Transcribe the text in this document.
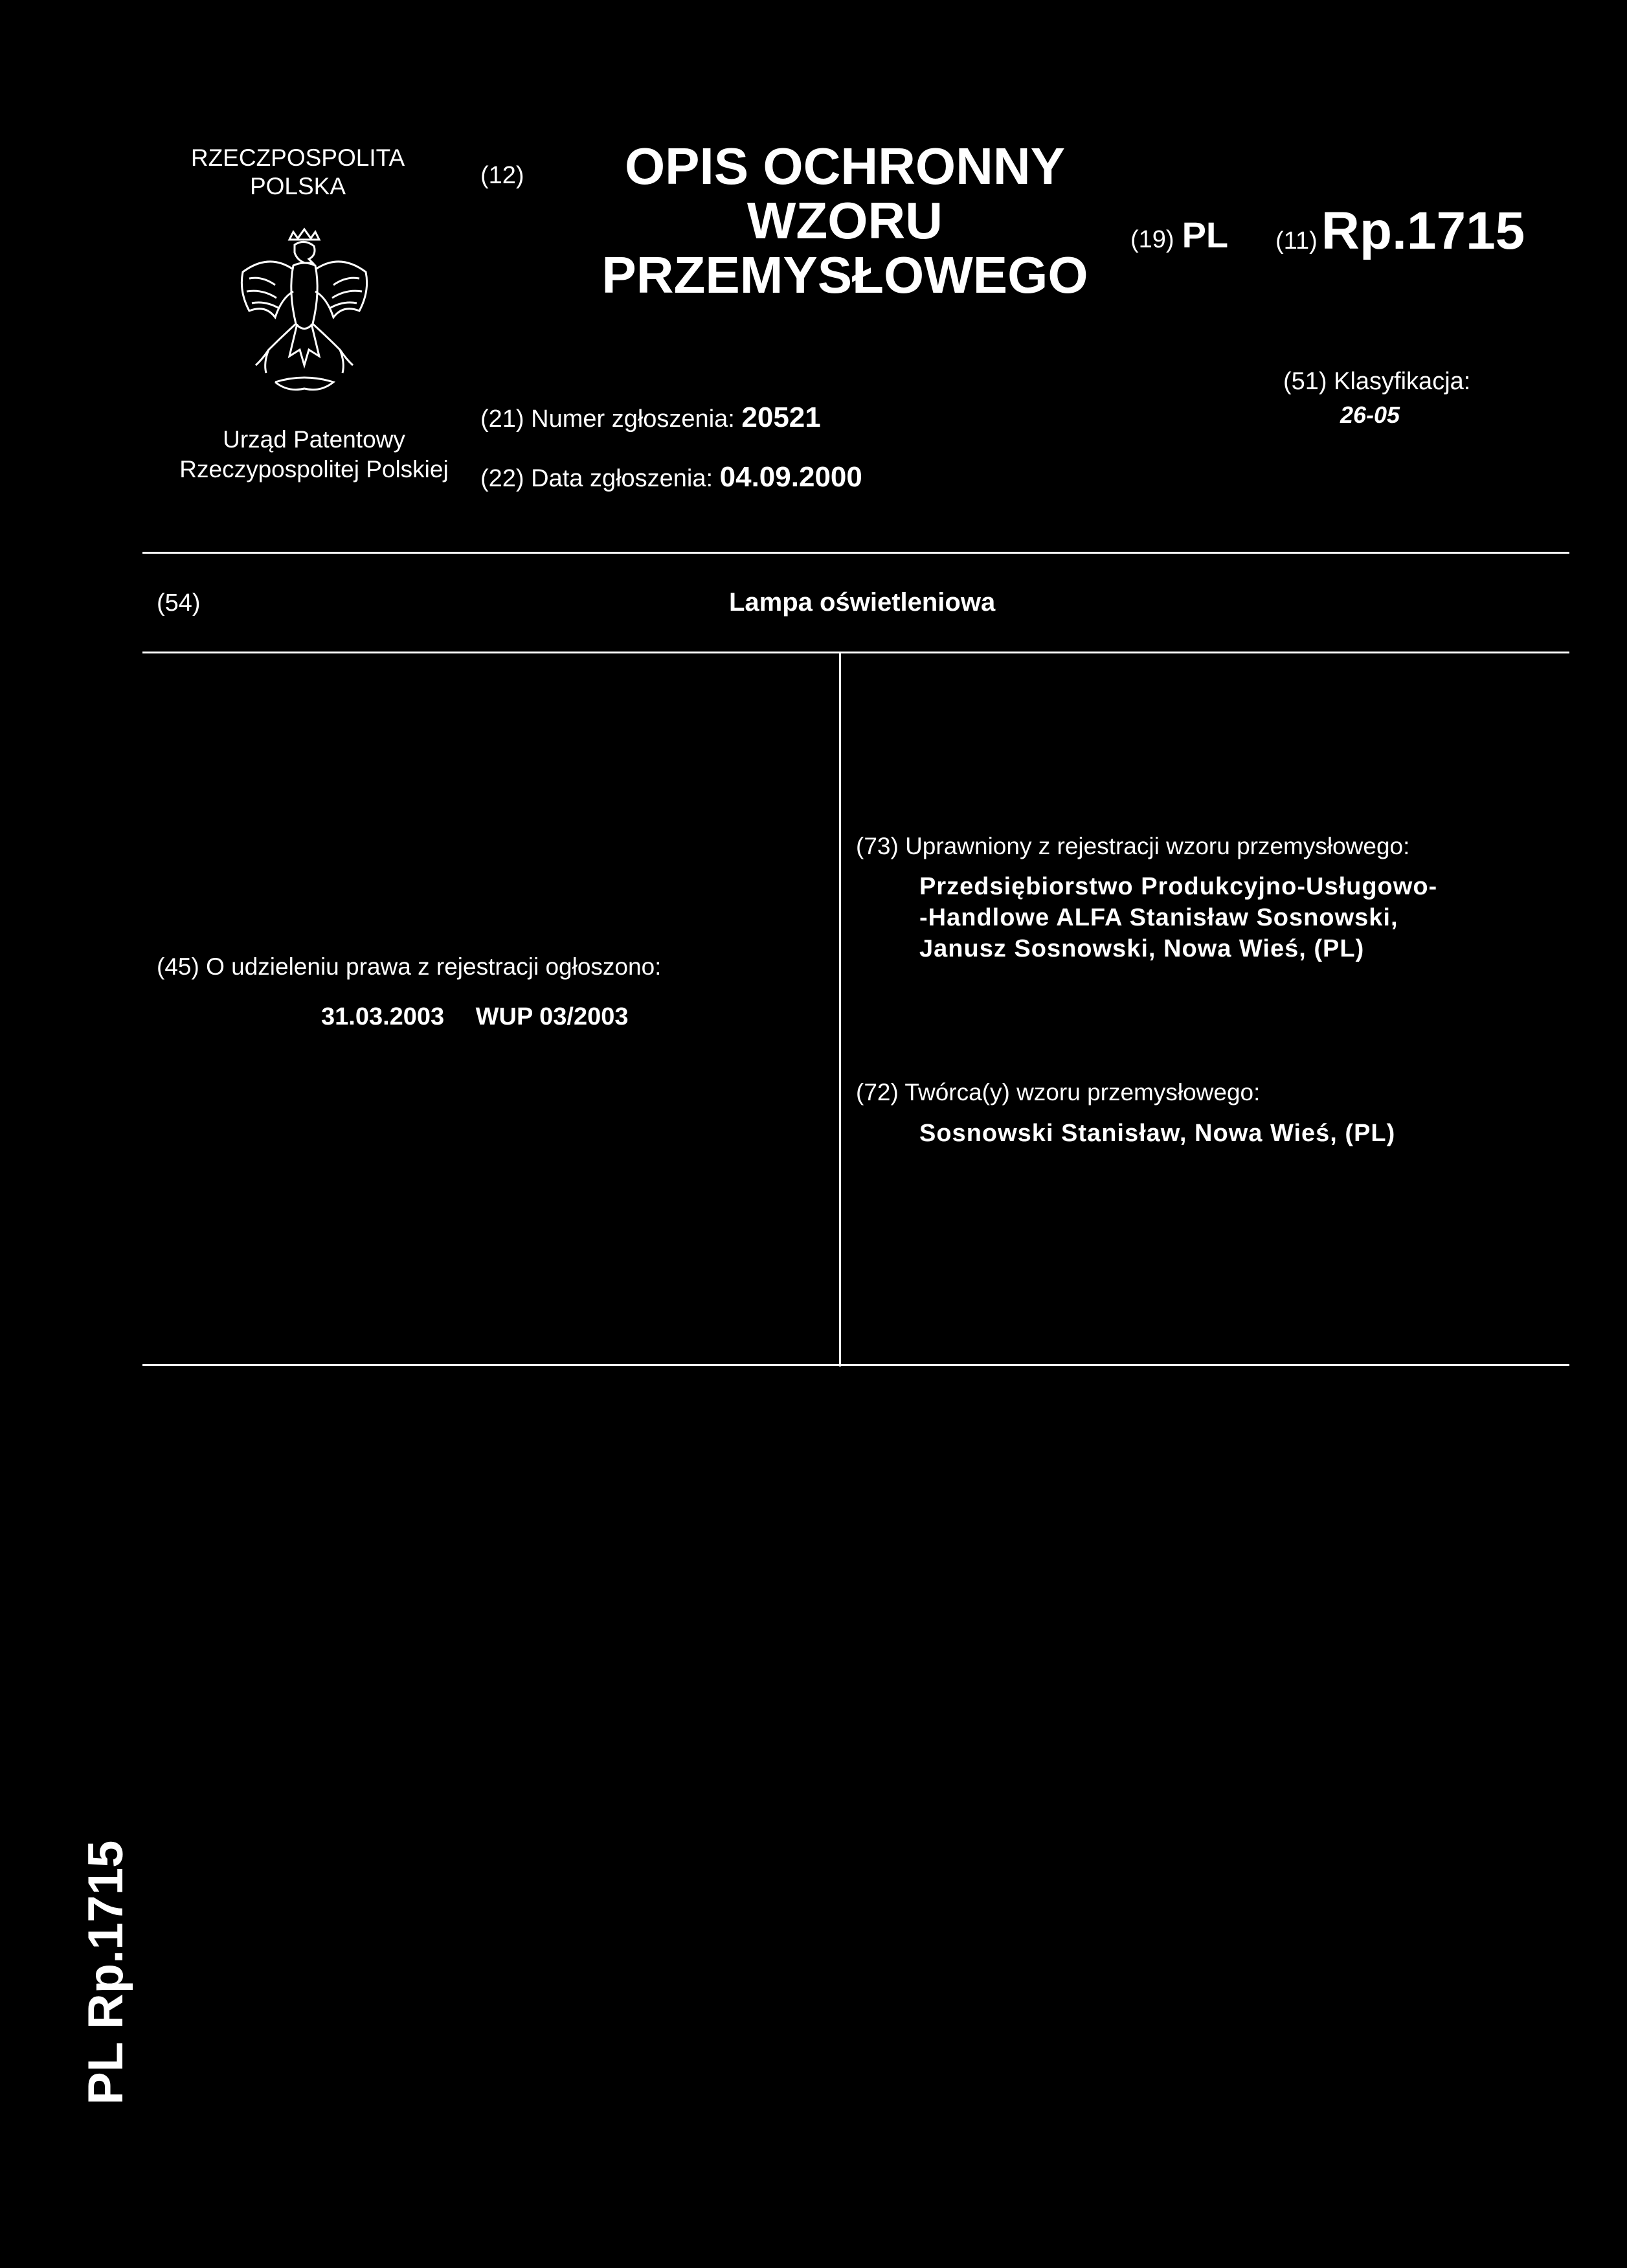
RZECZPOSPOLITA
POLSKA
Urząd Patentowy
Rzeczypospolitej Polskiej
(12)	OPIS OCHRONNY
WZORU
PRZEMYSŁOWEGO
(21) Numer zgłoszenia: 20521
(22) Data zgłoszenia: 04.09.2000
(19) PL (11)Rp.1715
(51) Klasyfikacja:
26-05
(54)	Lampa oświetleniowa
(45) O udzieleniu prawa z rejestracji ogłoszono:
31.03.2003 WUP 03/2003
(73) Uprawniony z rejestracji wzoru przemysłowego:
Przedsiębiorstwo Produkcyjno-Usługowo-
-Handlowe ALFA Stanisław Sosnowski,
Janusz Sosnowski, Nowa Wieś, (PL)
(72) Twórca(y) wzoru przemysłowego:
Sosnowski Stanisław, Nowa Wieś, (PL)
PL Rp.1715
